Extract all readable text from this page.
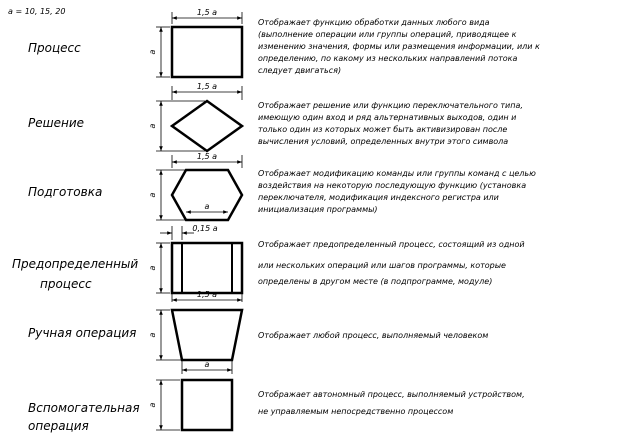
a = 10, 15, 20
Процесс
1,5 a
a
Отображает функцию обработки данных любого вида (выполнение операции или группы операций, приводящее к изменению значения, формы или размещения информации, или к определению, по какому из нескольких направлений потока следует двигаться)
Решение
1,5 a
a
Отображает решение или функцию переключательного типа, имеющую один вход и ряд альтернативных выходов, один и только один из которых может быть активизирован после вычисления условий, определенных внутри этого символа
Подготовка
1,5 a
a
a
Отображает модификацию команды или группы команд с целью воздействия на некоторую последующую функцию (установка переключателя, модификация индексного регистра или инициализация программы)
Предопределенный
процесс
0,15 a
a
1,5 a
Отображает предопределенный процесс, состоящий из одной или нескольких операций или шагов программы, которые определены в другом месте (в подпрограмме, модуле)
Ручная операция a
a
Отображает любой процесс, выполняемый человеком
Вспомогательная
операция
a
Отображает автономный процесс, выполняемый устройством, не управляемым непосредственно процессом
